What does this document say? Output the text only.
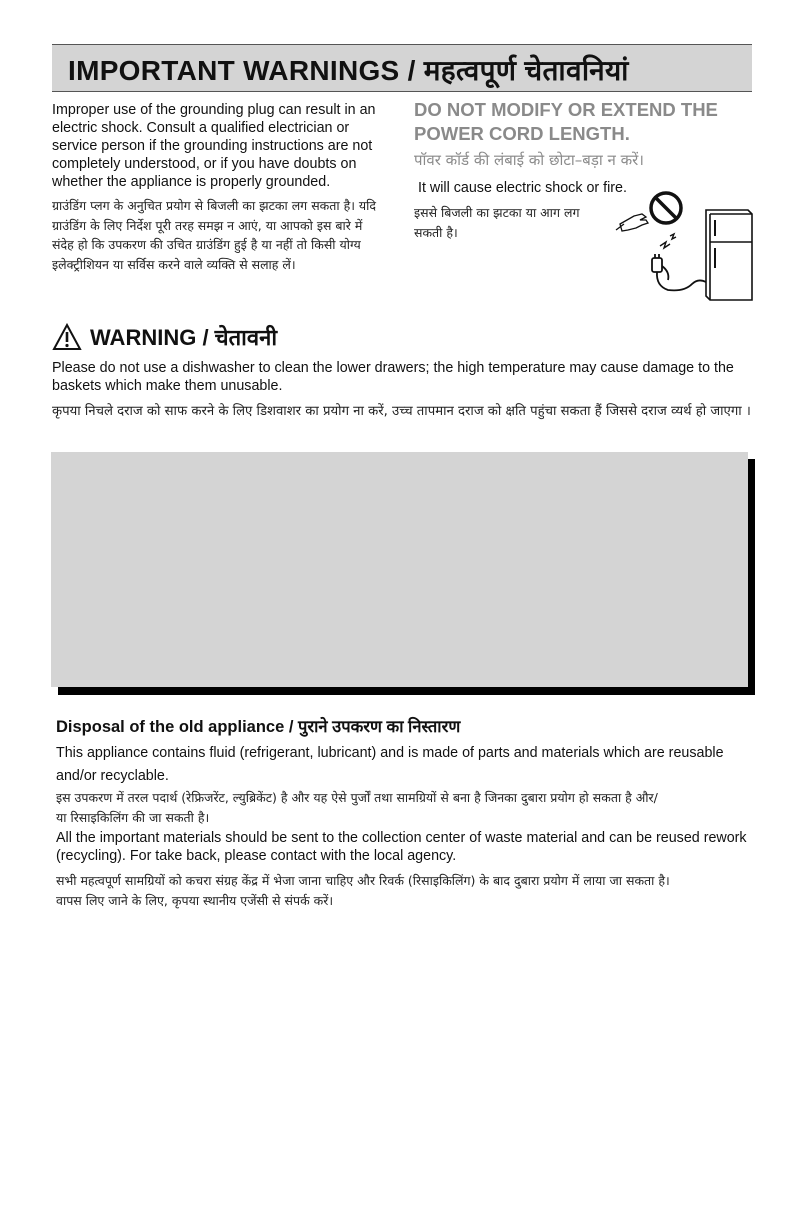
IMPORTANT WARNINGS / महत्वपूर्ण चेतावनियां

Improper use of the grounding plug can result in an electric shock. Consult a qualified electrician or service person if the grounding instructions are not completely understood, or if you have doubts on whether the appliance is properly grounded.

ग्राउंडिंग प्लग के अनुचित प्रयोग से बिजली का झटका लग सकता है। यदि ग्राउंडिंग के लिए निर्देश पूरी तरह समझ न आएं, या आपको इस बारे में संदेह हो कि उपकरण की उचित ग्राउंडिंग हुई है या नहीं तो किसी योग्य इलेक्ट्रीशियन या सर्विस करने वाले व्यक्ति से सलाह लें।

DO NOT MODIFY OR EXTEND THE POWER CORD LENGTH.

पॉवर कॉर्ड की लंबाई को छोटा–बड़ा न करें।

It will cause electric shock or fire.

इससे बिजली का झटका या आग लग सकती है।

WARNING / चेतावनी

Please do not use a dishwasher to clean the lower drawers; the high temperature may cause damage to the baskets which make them unusable.

कृपया निचले दराज को साफ करने के लिए डिशवाशर का प्रयोग ना करें, उच्च तापमान दराज को क्षति पहुंचा सकता हैं जिससे दराज व्यर्थ हो जाएगा ।

Disposal of the old appliance / पुराने उपकरण का निस्तारण

This appliance contains fluid (refrigerant, lubricant) and is made of parts and materials which are reusable and/or recyclable.

इस उपकरण में तरल पदार्थ (रेफ्रिजरेंट, ल्युब्रिकेंट) है और यह ऐसे पुर्जों तथा सामग्रियों से बना है जिनका दुबारा प्रयोग हो सकता है और/या रिसाइकिलिंग की जा सकती है।

All the important materials should be sent to the collection center of waste material and can be reused rework (recycling). For take back, please contact with the local agency.

सभी महत्वपूर्ण सामग्रियों को कचरा संग्रह केंद्र में भेजा जाना चाहिए और रिवर्क (रिसाइकिलिंग) के बाद दुबारा प्रयोग में लाया जा सकता है। वापस लिए जाने के लिए, कृपया स्थानीय एजेंसी से संपर्क करें।
